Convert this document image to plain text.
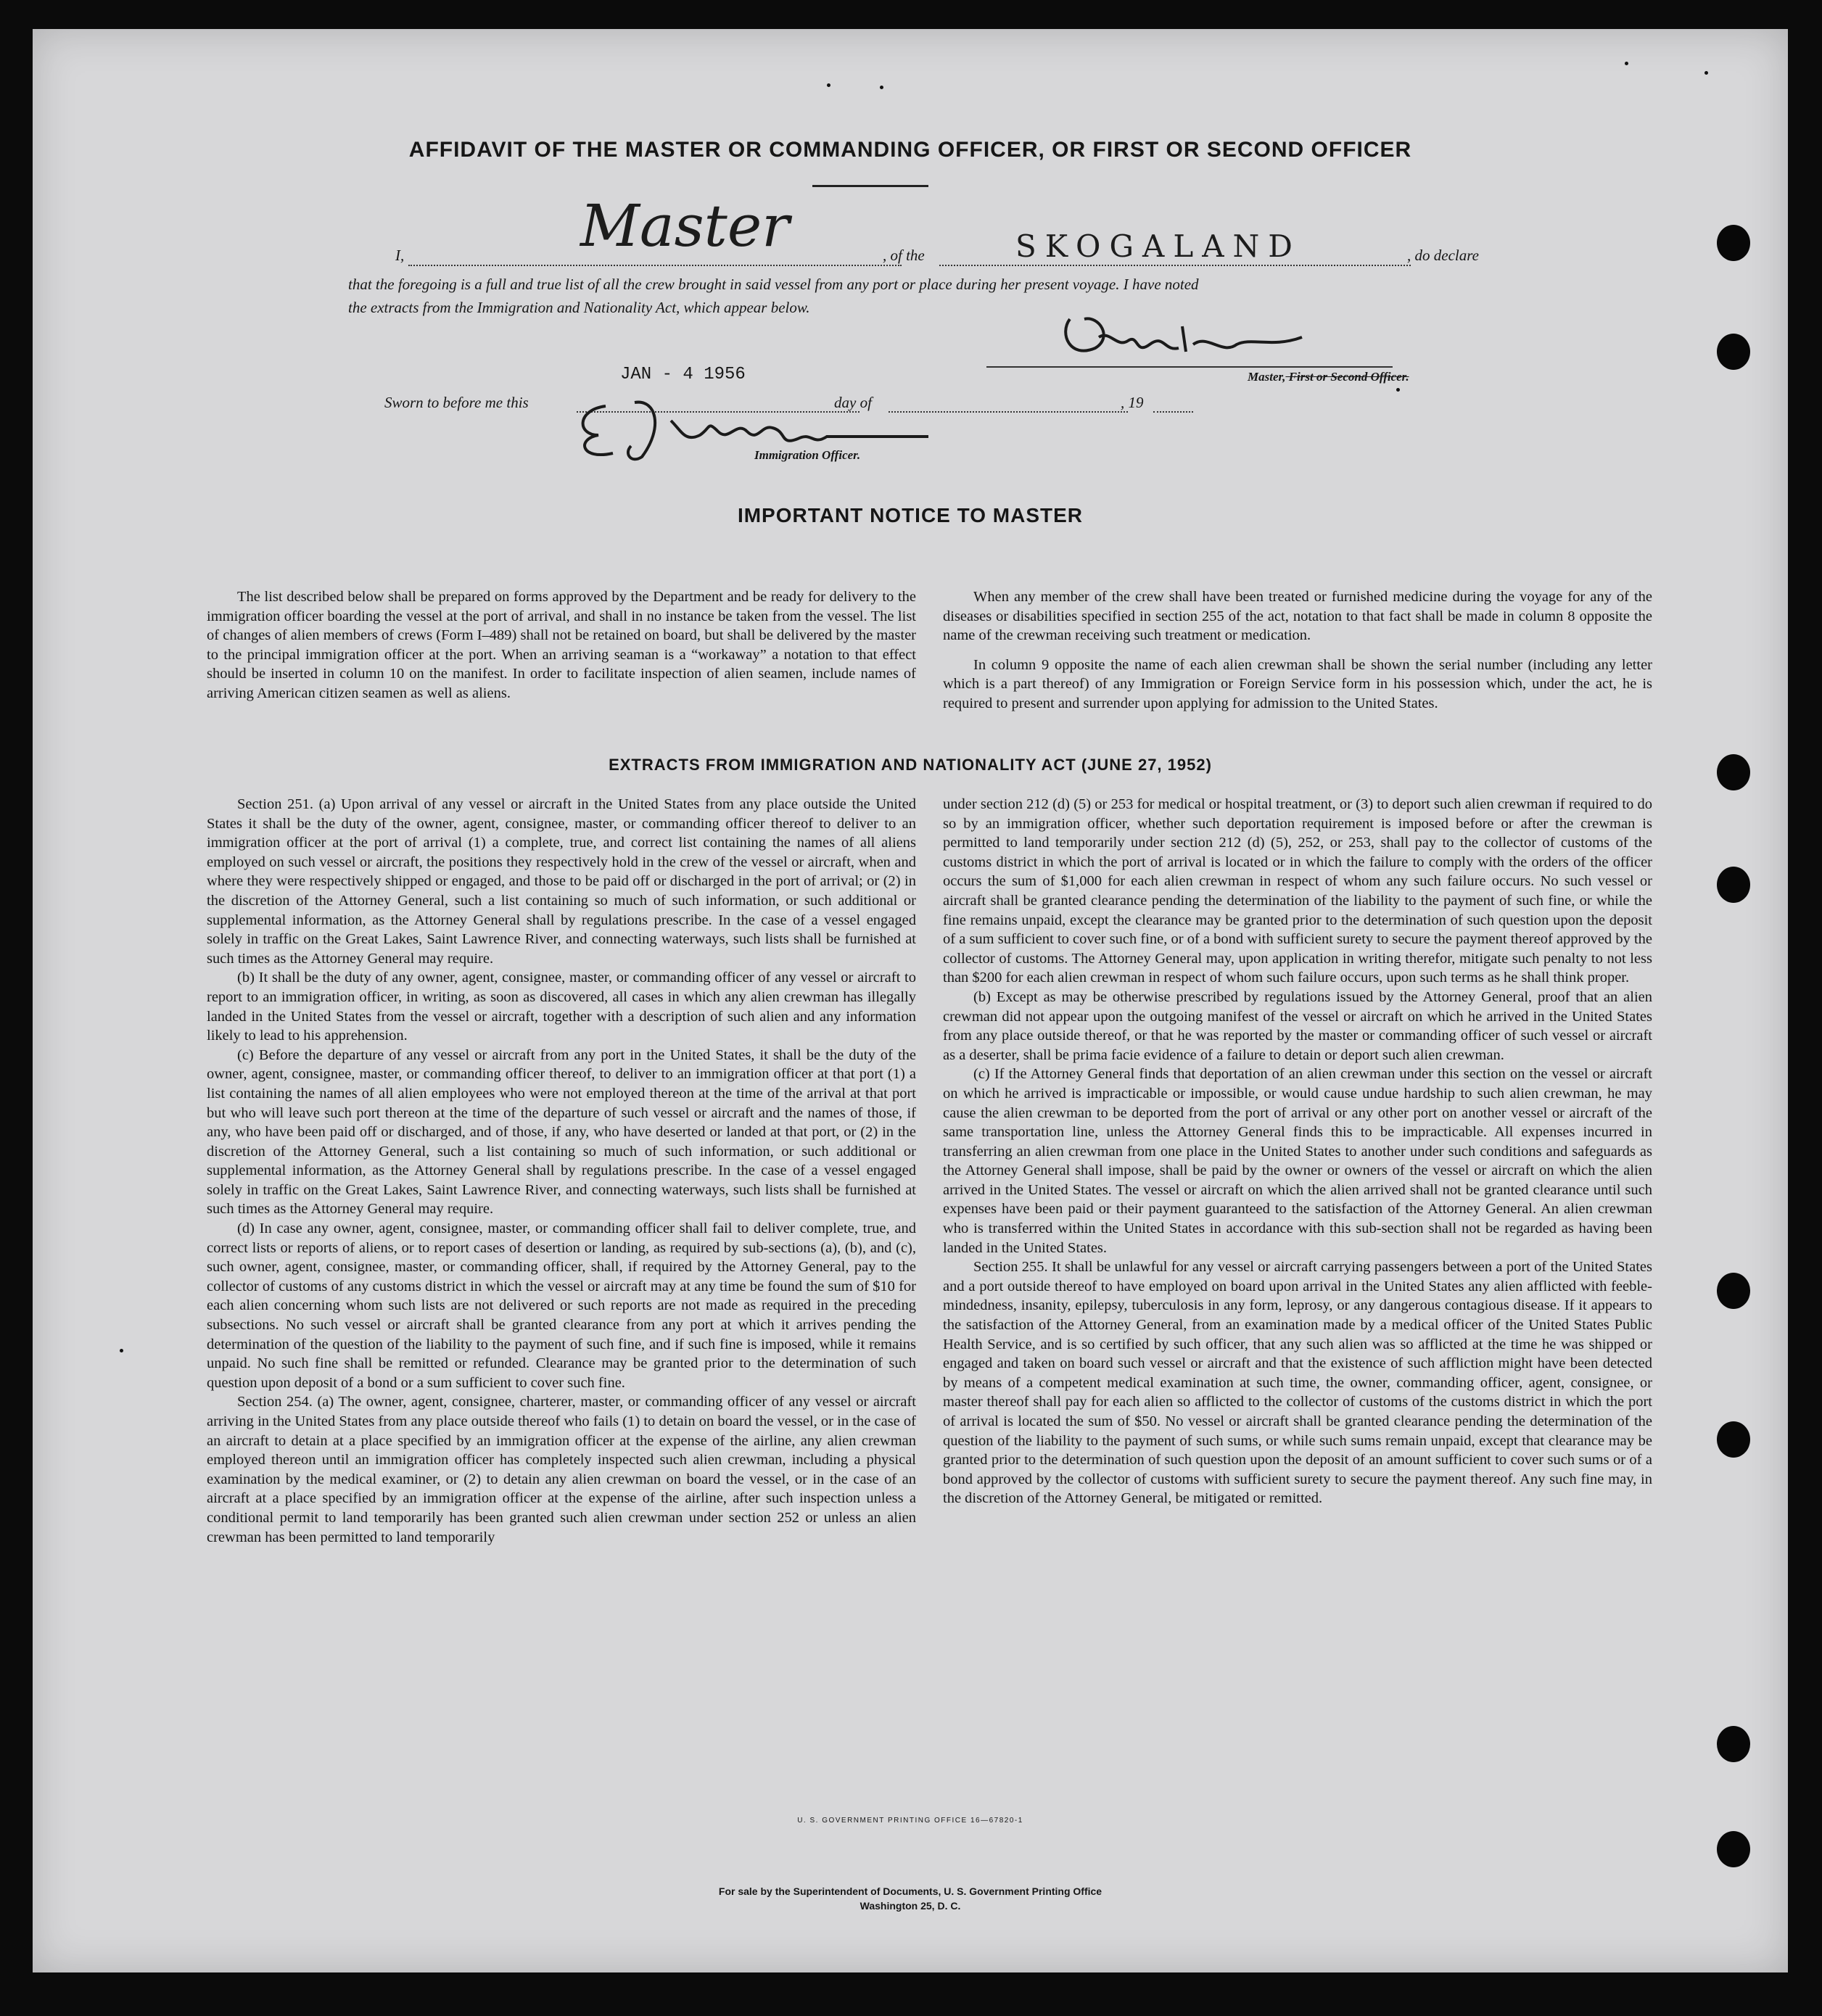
AFFIDAVIT OF THE MASTER OR COMMANDING OFFICER, OR FIRST OR SECOND OFFICER
I,	Master	, of the	SKOGALAND	, do declare
that the foregoing is a full and true list of all the crew brought in said vessel from any port or place during her present voyage. I have noted
the extracts from the Immigration and Nationality Act, which appear below.
Master, First or Second Officer.
Sworn to before me this
JAN - 4 1956
day of	, 19
Immigration Officer.
IMPORTANT NOTICE TO MASTER

The list described below shall be prepared on forms approved by the Department and be ready for delivery to the immigration officer boarding the vessel at the port of arrival, and shall in no instance be taken from the vessel. The list of changes of alien members of crews (Form I–489) shall not be retained on board, but shall be delivered by the master to the principal immigration officer at the port. When an arriving seaman is a “workaway” a notation to that effect should be inserted in column 10 on the manifest. In order to facilitate inspection of alien seamen, include names of arriving American citizen seamen as well as aliens.

When any member of the crew shall have been treated or furnished medicine during the voyage for any of the diseases or disabilities specified in section 255 of the act, notation to that fact shall be made in column 8 opposite the name of the crewman receiving such treatment or medication.

In column 9 opposite the name of each alien crewman shall be shown the serial number (including any letter which is a part thereof) of any Immigration or Foreign Service form in his possession which, under the act, he is required to present and surrender upon applying for admission to the United States.

EXTRACTS FROM IMMIGRATION AND NATIONALITY ACT (JUNE 27, 1952)

Section 251. (a) Upon arrival of any vessel or aircraft in the United States from any place outside the United States it shall be the duty of the owner, agent, consignee, master, or commanding officer thereof to deliver to an immigration officer at the port of arrival (1) a complete, true, and correct list containing the names of all aliens employed on such vessel or aircraft, the positions they respectively hold in the crew of the vessel or aircraft, when and where they were respectively shipped or engaged, and those to be paid off or discharged in the port of arrival; or (2) in the discretion of the Attorney General, such a list containing so much of such information, or such additional or supplemental information, as the Attorney General shall by regulations prescribe. In the case of a vessel engaged solely in traffic on the Great Lakes, Saint Lawrence River, and connecting waterways, such lists shall be furnished at such times as the Attorney General may require.

(b) It shall be the duty of any owner, agent, consignee, master, or commanding officer of any vessel or aircraft to report to an immigration officer, in writing, as soon as discovered, all cases in which any alien crewman has illegally landed in the United States from the vessel or aircraft, together with a description of such alien and any information likely to lead to his apprehension.

(c) Before the departure of any vessel or aircraft from any port in the United States, it shall be the duty of the owner, agent, consignee, master, or commanding officer thereof, to deliver to an immigration officer at that port (1) a list containing the names of all alien employees who were not employed thereon at the time of the arrival at that port but who will leave such port thereon at the time of the departure of such vessel or aircraft and the names of those, if any, who have been paid off or discharged, and of those, if any, who have deserted or landed at that port, or (2) in the discretion of the Attorney General, such a list containing so much of such information, or such additional or supplemental information, as the Attorney General shall by regulations prescribe. In the case of a vessel engaged solely in traffic on the Great Lakes, Saint Lawrence River, and connecting waterways, such lists shall be furnished at such times as the Attorney General may require.

(d) In case any owner, agent, consignee, master, or commanding officer shall fail to deliver complete, true, and correct lists or reports of aliens, or to report cases of desertion or landing, as required by sub-sections (a), (b), and (c), such owner, agent, consignee, master, or commanding officer, shall, if required by the Attorney General, pay to the collector of customs of any customs district in which the vessel or aircraft may at any time be found the sum of $10 for each alien concerning whom such lists are not delivered or such reports are not made as required in the preceding subsections. No such vessel or aircraft shall be granted clearance from any port at which it arrives pending the determination of the question of the liability to the payment of such fine, and if such fine is imposed, while it remains unpaid. No such fine shall be remitted or refunded. Clearance may be granted prior to the determination of such question upon deposit of a bond or a sum sufficient to cover such fine.

Section 254. (a) The owner, agent, consignee, charterer, master, or commanding officer of any vessel or aircraft arriving in the United States from any place outside thereof who fails (1) to detain on board the vessel, or in the case of an aircraft to detain at a place specified by an immigration officer at the expense of the airline, any alien crewman employed thereon until an immigration officer has completely inspected such alien crewman, including a physical examination by the medical examiner, or (2) to detain any alien crewman on board the vessel, or in the case of an aircraft at a place specified by an immigration officer at the expense of the airline, after such inspection unless a conditional permit to land temporarily has been granted such alien crewman under section 252 or unless an alien crewman has been permitted to land temporarily

under section 212 (d) (5) or 253 for medical or hospital treatment, or (3) to deport such alien crewman if required to do so by an immigration officer, whether such deportation requirement is imposed before or after the crewman is permitted to land temporarily under section 212 (d) (5), 252, or 253, shall pay to the collector of customs of the customs district in which the port of arrival is located or in which the failure to comply with the orders of the officer occurs the sum of $1,000 for each alien crewman in respect of whom any such failure occurs. No such vessel or aircraft shall be granted clearance pending the determination of the liability to the payment of such fine, or while the fine remains unpaid, except the clearance may be granted prior to the determination of such question upon the deposit of a sum sufficient to cover such fine, or of a bond with sufficient surety to secure the payment thereof approved by the collector of customs. The Attorney General may, upon application in writing therefor, mitigate such penalty to not less than $200 for each alien crewman in respect of whom such failure occurs, upon such terms as he shall think proper.

(b) Except as may be otherwise prescribed by regulations issued by the Attorney General, proof that an alien crewman did not appear upon the outgoing manifest of the vessel or aircraft on which he arrived in the United States from any place outside thereof, or that he was reported by the master or commanding officer of such vessel or aircraft as a deserter, shall be prima facie evidence of a failure to detain or deport such alien crewman.

(c) If the Attorney General finds that deportation of an alien crewman under this section on the vessel or aircraft on which he arrived is impracticable or impossible, or would cause undue hardship to such alien crewman, he may cause the alien crewman to be deported from the port of arrival or any other port on another vessel or aircraft of the same transportation line, unless the Attorney General finds this to be impracticable. All expenses incurred in transferring an alien crewman from one place in the United States to another under such conditions and safeguards as the Attorney General shall impose, shall be paid by the owner or owners of the vessel or aircraft on which the alien arrived in the United States. The vessel or aircraft on which the alien arrived shall not be granted clearance until such expenses have been paid or their payment guaranteed to the satisfaction of the Attorney General. An alien crewman who is transferred within the United States in accordance with this sub-section shall not be regarded as having been landed in the United States.

Section 255. It shall be unlawful for any vessel or aircraft carrying passengers between a port of the United States and a port outside thereof to have employed on board upon arrival in the United States any alien afflicted with feeble-mindedness, insanity, epilepsy, tuberculosis in any form, leprosy, or any dangerous contagious disease. If it appears to the satisfaction of the Attorney General, from an examination made by a medical officer of the United States Public Health Service, and is so certified by such officer, that any such alien was so afflicted at the time he was shipped or engaged and taken on board such vessel or aircraft and that the existence of such affliction might have been detected by means of a competent medical examination at such time, the owner, commanding officer, agent, consignee, or master thereof shall pay for each alien so afflicted to the collector of customs of the customs district in which the port of arrival is located the sum of $50. No vessel or aircraft shall be granted clearance pending the determination of the question of the liability to the payment of such sums, or while such sums remain unpaid, except that clearance may be granted prior to the determination of such question upon the deposit of an amount sufficient to cover such sums or of a bond approved by the collector of customs with sufficient surety to secure the payment thereof. Any such fine may, in the discretion of the Attorney General, be mitigated or remitted.

U. S. GOVERNMENT PRINTING OFFICE 16—67820-1
For sale by the Superintendent of Documents, U. S. Government Printing Office
Washington 25, D. C.
